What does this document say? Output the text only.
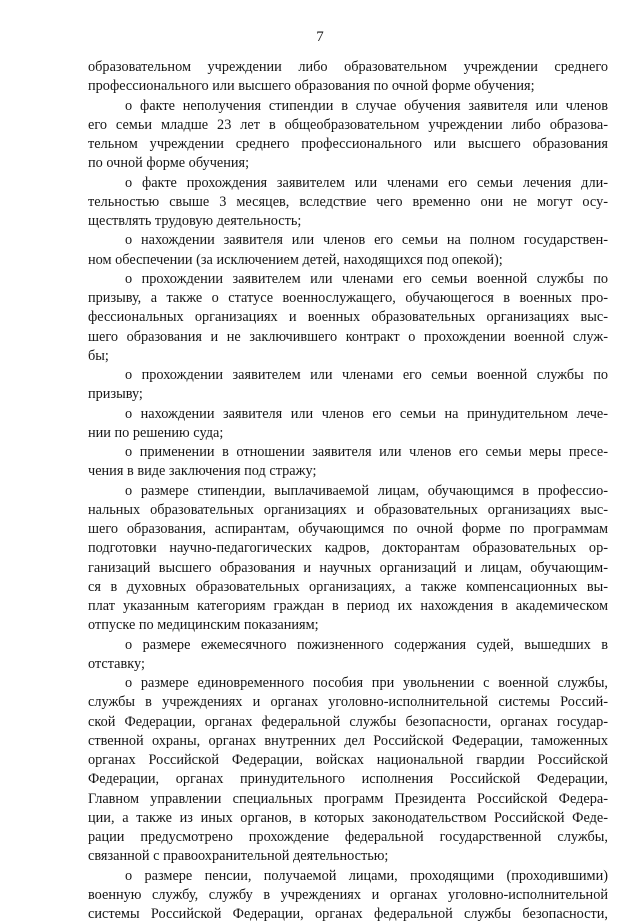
7
образовательном учреждении либо образовательном учреждении среднего
профессионального или высшего образования по очной форме обучения;
о факте неполучения стипендии в случае обучения заявителя или членов
его семьи младше 23 лет в общеобразовательном учреждении либо образова-
тельном учреждении среднего профессионального или высшего образования
по очной форме обучения;
о факте прохождения заявителем или членами его семьи лечения дли-
тельностью свыше 3 месяцев, вследствие чего временно они не могут осу-
ществлять трудовую деятельность;
о нахождении заявителя или членов его семьи на полном государствен-
ном обеспечении (за исключением детей, находящихся под опекой);
о прохождении заявителем или членами его семьи военной службы по
призыву, а также о статусе военнослужащего, обучающегося в военных про-
фессиональных организациях и военных образовательных организациях выс-
шего образования и не заключившего контракт о прохождении военной служ-
бы;
о прохождении заявителем или членами его семьи военной службы по
призыву;
о нахождении заявителя или членов его семьи на принудительном лече-
нии по решению суда;
о применении в отношении заявителя или членов его семьи меры пресе-
чения в виде заключения под стражу;
о размере стипендии, выплачиваемой лицам, обучающимся в профессио-
нальных образовательных организациях и образовательных организациях выс-
шего образования, аспирантам, обучающимся по очной форме по программам
подготовки научно-педагогических кадров, докторантам образовательных ор-
ганизаций высшего образования и научных организаций и лицам, обучающим-
ся в духовных образовательных организациях, а также компенсационных вы-
плат указанным категориям граждан в период их нахождения в академическом
отпуске по медицинским показаниям;
о размере ежемесячного пожизненного содержания судей, вышедших в
отставку;
о размере единовременного пособия при увольнении с военной службы,
службы в учреждениях и органах уголовно-исполнительной системы Россий-
ской Федерации, органах федеральной службы безопасности, органах государ-
ственной охраны, органах внутренних дел Российской Федерации, таможенных
органах Российской Федерации, войсках национальной гвардии Российской
Федерации, органах принудительного исполнения Российской Федерации,
Главном управлении специальных программ Президента Российской Федера-
ции, а также из иных органов, в которых законодательством Российской Феде-
рации предусмотрено прохождение федеральной государственной службы,
связанной с правоохранительной деятельностью;
о размере пенсии, получаемой лицами, проходящими (проходившими)
военную службу, службу в учреждениях и органах уголовно-исполнительной
системы Российской Федерации, органах федеральной службы безопасности,
